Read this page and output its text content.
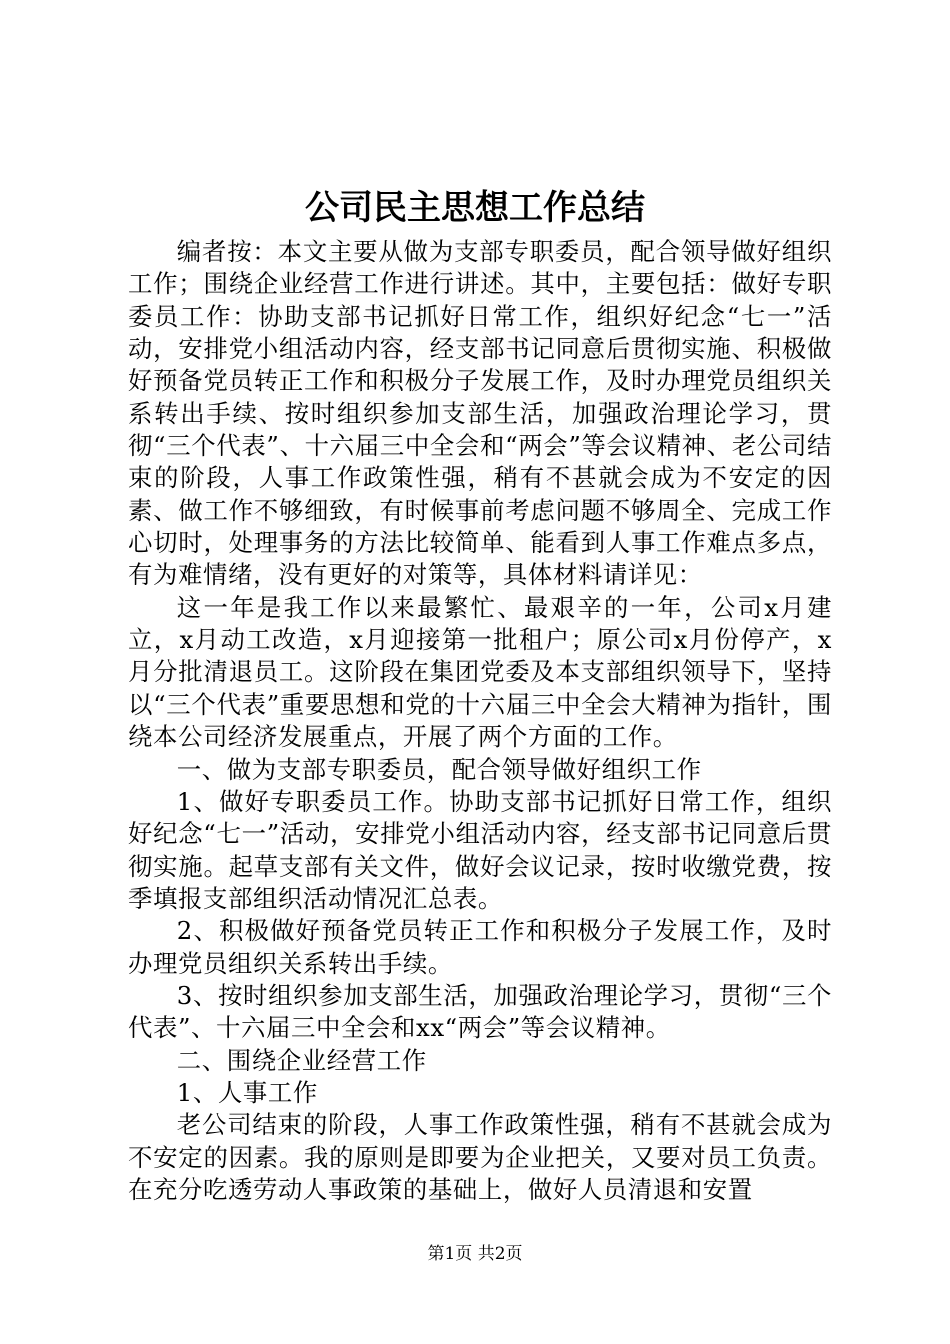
公司民主思想工作总结

编者按：本文主要从做为支部专职委员，配合领导做好组织工作；围绕企业经营工作进行讲述。其中，主要包括：做好专职委员工作：协助支部书记抓好日常工作，组织好纪念“七一”活动，安排党小组活动内容，经支部书记同意后贯彻实施、积极做好预备党员转正工作和积极分子发展工作，及时办理党员组织关系转出手续、按时组织参加支部生活，加强政治理论学习，贯彻“三个代表”、十六届三中全会和“两会”等会议精神、老公司结束的阶段，人事工作政策性强，稍有不甚就会成为不安定的因素、做工作不够细致，有时候事前考虑问题不够周全、完成工作心切时，处理事务的方法比较简单、能看到人事工作难点多点，有为难情绪，没有更好的对策等，具体材料请详见：

这一年是我工作以来最繁忙、最艰辛的一年，公司x月建立，x月动工改造，x月迎接第一批租户；原公司x月份停产，x月分批清退员工。这阶段在集团党委及本支部组织领导下，坚持以“三个代表”重要思想和党的十六届三中全会大精神为指针，围绕本公司经济发展重点，开展了两个方面的工作。

一、做为支部专职委员，配合领导做好组织工作

1、做好专职委员工作。协助支部书记抓好日常工作，组织好纪念“七一”活动，安排党小组活动内容，经支部书记同意后贯彻实施。起草支部有关文件，做好会议记录，按时收缴党费，按季填报支部组织活动情况汇总表。

2、积极做好预备党员转正工作和积极分子发展工作，及时办理党员组织关系转出手续。

3、按时组织参加支部生活，加强政治理论学习，贯彻“三个代表”、十六届三中全会和xx“两会”等会议精神。

二、围绕企业经营工作

1、人事工作

老公司结束的阶段，人事工作政策性强，稍有不甚就会成为不安定的因素。我的原则是即要为企业把关，又要对员工负责。在充分吃透劳动人事政策的基础上，做好人员清退和安置

第1页 共2页
